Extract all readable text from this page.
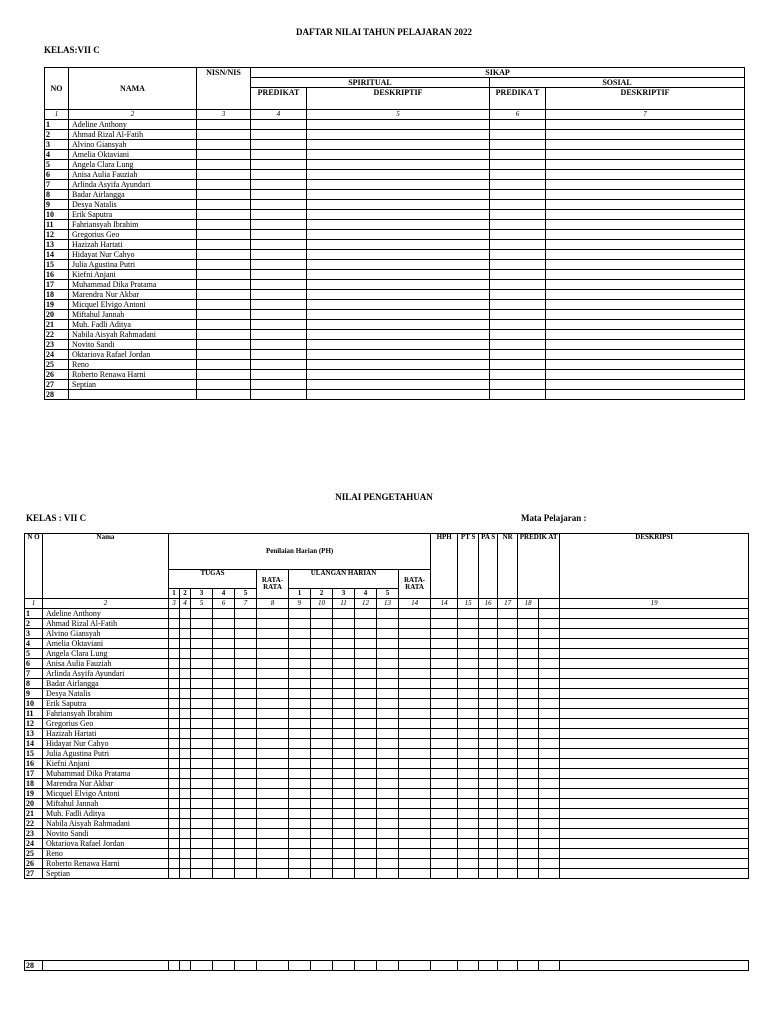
DAFTAR NILAI TAHUN PELAJARAN 2022
KELAS:VII C
NO	NAMA	NISN/NIS	SIKAP			
			SPIRITUAL		SOSIAL	
			PREDIKAT	DESKRIPTIF	PREDIKA T	DESKRIPTIF
1	2	3	4	5	6	7
1	Adeline Anthony					
2	Ahmad Rizal Al-Fatih					
3	Alvino Giansyah					
4	Amelia Oktaviani					
5	Angela Clara Lung					
6	Anisa Aulia Fauziah					
7	Arlinda Asyifa Ayundari					
8	Badar Airlangga					
9	Desya Natalis					
10	Erik Saputra					
11	Fahriansyah Ibrahim					
12	Gregorius Geo					
13	Hazizah Hartati					
14	Hidayat Nur Cahyo					
15	Julia Agustina Putri					
16	Kiefni Anjani					
17	Muhammad Dika Pratama					
18	Marendra Nur Akbar					
19	Micquel Elvigo Antoni					
20	Miftahul Jannah					
21	Muh. Fadli Aditya					
22	Nabila Aisyah Rahmadani					
23	Novito Sandi					
24	Oktariova Rafael Jordan					
25	Reno					
26	Roberto Renawa Harni					
27	Septian					
28						
NILAI PENGETAHUAN
KELAS : VII C	Mata Pelajaran :
N O	Nama	Penilaian Harian (PH)												HPH	PT S	PA S	NR	PREDIK AT		DESKRIPSI
		TUGAS					RATA-RATA	ULANGAN HARIAN					RATA-RATA							
		1	2	3	4	5		1	2	3	4	5								
1	2	3	4	5	6	7	8	9	10	11	12	13	14	14	15	16	17	18		19
1	Adeline Anthony																			
2	Ahmad Rizal Al-Fatih																			
3	Alvino Giansyah																			
4	Amelia Oktaviani																			
5	Angela Clara Lung																			
6	Anisa Aulia Fauziah																			
7	Arlinda Asyifa Ayundari																			
8	Badar Airlangga																			
9	Desya Natalis																			
10	Erik Saputra																			
11	Fahriansyah Ibrahim																			
12	Gregorius Geo																			
13	Hazizah Hartati																			
14	Hidayat Nur Cahyo																			
15	Julia Agustina Putri																			
16	Kiefni Anjani																			
17	Muhammad Dika Pratama																			
18	Marendra Nur Akbar																			
19	Micquel Elvigo Antoni																			
20	Miftahul Jannah																			
21	Muh. Fadli Aditya																			
22	Nabila Aisyah Rahmadani																			
23	Novito Sandi																			
24	Oktariova Rafael Jordan																			
25	Reno																			
26	Roberto Renawa Harni																			
27	Septian																			
28																				
